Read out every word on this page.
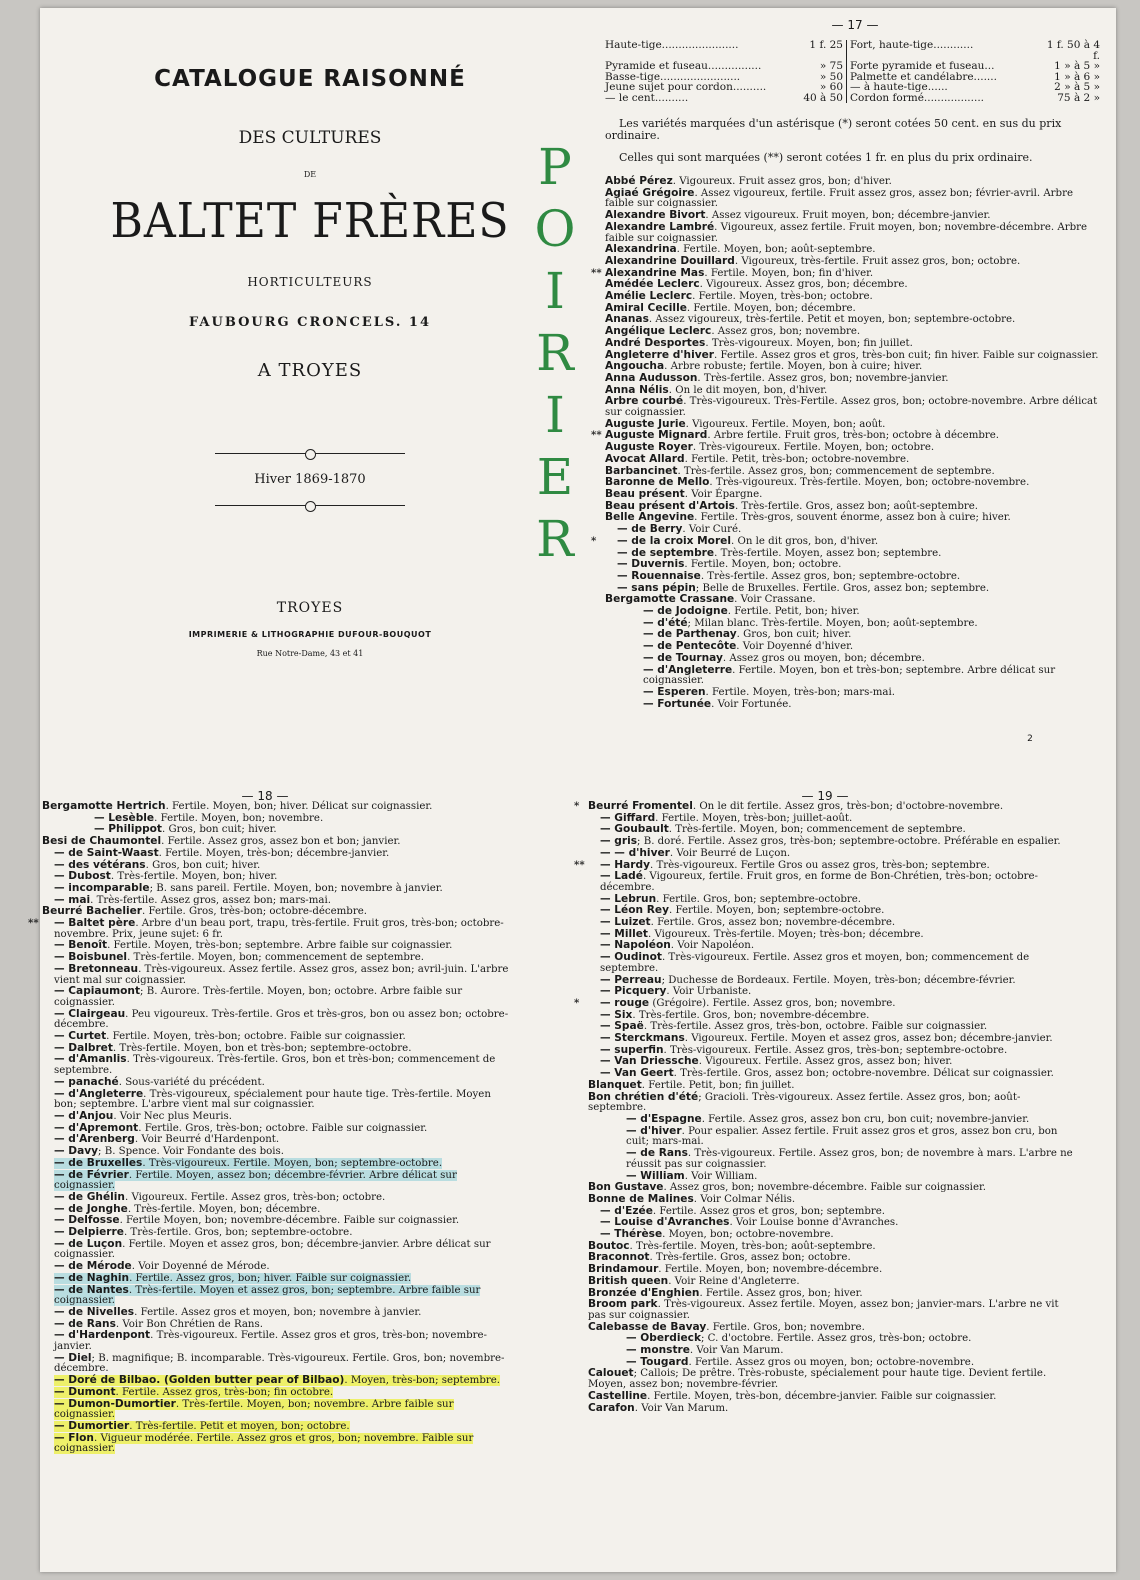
CATALOGUE RAISONNÉ
DES CULTURES
DE
BALTET FRÈRES
HORTICULTEURS
FAUBOURG CRONCELS. 14
A TROYES
Hiver 1869-1870
TROYES
IMPRIMERIE & LITHOGRAPHIE DUFOUR-BOUQUOT
Rue Notre-Dame, 43 et 41
P
O
I
R
I
E
R
— 17 —
Haute-tige.......................	1 f. 25 Fort, haute-tige............	1 f. 50 à 4 f.
Pyramide et fuseau................	» 75 Forte pyramide et fuseau...	1 » à 5 »
Basse-tige........................	» 50 Palmette et candélabre.......	1 » à 6 »
Jeune sujet pour cordon..........	» 60 — à haute-tige......	2 » à 5 »
— le cent..........	40 à 50 Cordon formé..................	75 à 2 »
Les variétés marquées d'un astérisque (*) seront cotées 50 cent. en sus du prix ordinaire.
Celles qui sont marquées (**) seront cotées 1 fr. en plus du prix ordinaire.
Abbé Pérez. Vigoureux. Fruit assez gros, bon; d'hiver.
Agiaé Grégoire. Assez vigoureux, fertile. Fruit assez gros, assez bon; février-avril. Arbre faible sur coignassier.
Alexandre Bivort. Assez vigoureux. Fruit moyen, bon; décembre-janvier.
Alexandre Lambré. Vigoureux, assez fertile. Fruit moyen, bon; novembre-décembre. Arbre faible sur coignassier.
Alexandrina. Fertile. Moyen, bon; août-septembre.
Alexandrine Douillard. Vigoureux, très-fertile. Fruit assez gros, bon; octobre.
** Alexandrine Mas. Fertile. Moyen, bon; fin d'hiver.
Amédée Leclerc. Vigoureux. Assez gros, bon; décembre.
Amélie Leclerc. Fertile. Moyen, très-bon; octobre.
Amiral Cecille. Fertile. Moyen, bon; décembre.
Ananas. Assez vigoureux, très-fertile. Petit et moyen, bon; septembre-octobre.
Angélique Leclerc. Assez gros, bon; novembre.
André Desportes. Très-vigoureux. Moyen, bon; fin juillet.
Angleterre d'hiver. Fertile. Assez gros et gros, très-bon cuit; fin hiver. Faible sur coignassier.
Angoucha. Arbre robuste; fertile. Moyen, bon à cuire; hiver.
Anna Audusson. Très-fertile. Assez gros, bon; novembre-janvier.
Anna Nélis. On le dit moyen, bon, d'hiver.
Arbre courbé. Très-vigoureux. Très-Fertile. Assez gros, bon; octobre-novembre. Arbre délicat sur coignassier.
Auguste Jurie. Vigoureux. Fertile. Moyen, bon; août.
** Auguste Mignard. Arbre fertile. Fruit gros, très-bon; octobre à décembre.
Auguste Royer. Très-vigoureux. Fertile. Moyen, bon; octobre.
Avocat Allard. Fertile. Petit, très-bon; octobre-novembre.
Barbancinet. Très-fertile. Assez gros, bon; commencement de septembre.
Baronne de Mello. Très-vigoureux. Très-fertile. Moyen, bon; octobre-novembre.
Beau présent. Voir Épargne.
Beau présent d'Artois. Très-fertile. Gros, assez bon; août-septembre.
Belle Angevine. Fertile. Très-gros, souvent énorme, assez bon à cuire; hiver.
— de Berry. Voir Curé.
* — de la croix Morel. On le dit gros, bon, d'hiver.
— de septembre. Très-fertile. Moyen, assez bon; septembre.
— Duvernis. Fertile. Moyen, bon; octobre.
— Rouennaise. Très-fertile. Assez gros, bon; septembre-octobre.
— sans pépin; Belle de Bruxelles. Fertile. Gros, assez bon; septembre.
Bergamotte Crassane. Voir Crassane.
— de Jodoigne. Fertile. Petit, bon; hiver.
— d'été; Milan blanc. Très-fertile. Moyen, bon; août-septembre.
— de Parthenay. Gros, bon cuit; hiver.
— de Pentecôte. Voir Doyenné d'hiver.
— de Tournay. Assez gros ou moyen, bon; décembre.
— d'Angleterre. Fertile. Moyen, bon et très-bon; septembre. Arbre délicat sur coignassier.
— Esperen. Fertile. Moyen, très-bon; mars-mai.
— Fortunée. Voir Fortunée.
2
— 18 —
Bergamotte Hertrich. Fertile. Moyen, bon; hiver. Délicat sur coignassier.
— Lesèble. Fertile. Moyen, bon; novembre.
— Philippot. Gros, bon cuit; hiver.
Besi de Chaumontel. Fertile. Assez gros, assez bon et bon; janvier.
— de Saint-Waast. Fertile. Moyen, très-bon; décembre-janvier.
— des vétérans. Gros, bon cuit; hiver.
— Dubost. Très-fertile. Moyen, bon; hiver.
— incomparable; B. sans pareil. Fertile. Moyen, bon; novembre à janvier.
— mai. Très-fertile. Assez gros, assez bon; mars-mai.
Beurré Bachelier. Fertile. Gros, très-bon; octobre-décembre.
** — Baltet père. Arbre d'un beau port, trapu, très-fertile. Fruit gros, très-bon; octobre-novembre. Prix, jeune sujet: 6 fr.
— Benoît. Fertile. Moyen, très-bon; septembre. Arbre faible sur coignassier.
— Boisbunel. Très-fertile. Moyen, bon; commencement de septembre.
— Bretonneau. Très-vigoureux. Assez fertile. Assez gros, assez bon; avril-juin. L'arbre vient mal sur coignassier.
— Capiaumont; B. Aurore. Très-fertile. Moyen, bon; octobre. Arbre faible sur coignassier.
— Clairgeau. Peu vigoureux. Très-fertile. Gros et très-gros, bon ou assez bon; octobre-décembre.
— Curtet. Fertile. Moyen, très-bon; octobre. Faible sur coignassier.
— Dalbret. Très-fertile. Moyen, bon et très-bon; septembre-octobre.
— d'Amanlis. Très-vigoureux. Très-fertile. Gros, bon et très-bon; commencement de septembre.
— panaché. Sous-variété du précédent.
— d'Angleterre. Très-vigoureux, spécialement pour haute tige. Très-fertile. Moyen bon; septembre. L'arbre vient mal sur coignassier.
— d'Anjou. Voir Nec plus Meuris.
— d'Apremont. Fertile. Gros, très-bon; octobre. Faible sur coignassier.
— d'Arenberg. Voir Beurré d'Hardenpont.
— Davy; B. Spence. Voir Fondante des bois.
— de Bruxelles. Très-vigoureux. Fertile. Moyen, bon; septembre-octobre.
— de Février. Fertile. Moyen, assez bon; décembre-février. Arbre délicat sur coignassier.
— de Ghélin. Vigoureux. Fertile. Assez gros, très-bon; octobre.
— de Jonghe. Très-fertile. Moyen, bon; décembre.
— Delfosse. Fertile Moyen, bon; novembre-décembre. Faible sur coignassier.
— Delpierre. Très-fertile. Gros, bon; septembre-octobre.
— de Luçon. Fertile. Moyen et assez gros, bon; décembre-janvier. Arbre délicat sur coignassier.
— de Mérode. Voir Doyenné de Mérode.
— de Naghin. Fertile. Assez gros, bon; hiver. Faible sur coignassier.
— de Nantes. Très-fertile. Moyen et assez gros, bon; septembre. Arbre faible sur coignassier.
— de Nivelles. Fertile. Assez gros et moyen, bon; novembre à janvier.
— de Rans. Voir Bon Chrétien de Rans.
— d'Hardenpont. Très-vigoureux. Fertile. Assez gros et gros, très-bon; novembre-janvier.
— Diel; B. magnifique; B. incomparable. Très-vigoureux. Fertile. Gros, bon; novembre-décembre.
— Doré de Bilbao. (Golden butter pear of Bilbao). Moyen, très-bon; septembre.
— Dumont. Fertile. Assez gros, très-bon; fin octobre.
— Dumon-Dumortier. Très-fertile. Moyen, bon; novembre. Arbre faible sur coignassier.
— Dumortier. Très-fertile. Petit et moyen, bon; octobre.
— Flon. Vigueur modérée. Fertile. Assez gros et gros, bon; novembre. Faible sur coignassier.
— 19 —
* Beurré Fromentel. On le dit fertile. Assez gros, très-bon; d'octobre-novembre.
— Giffard. Fertile. Moyen, très-bon; juillet-août.
— Goubault. Très-fertile. Moyen, bon; commencement de septembre.
— gris; B. doré. Fertile. Assez gros, très-bon; septembre-octobre. Préférable en espalier.
— — d'hiver. Voir Beurré de Luçon.
** — Hardy. Très-vigoureux. Fertile Gros ou assez gros, très-bon; septembre.
— Ladé. Vigoureux, fertile. Fruit gros, en forme de Bon-Chrétien, très-bon; octobre-décembre.
— Lebrun. Fertile. Gros, bon; septembre-octobre.
— Léon Rey. Fertile. Moyen, bon; septembre-octobre.
— Luizet. Fertile. Gros, assez bon; novembre-décembre.
— Millet. Vigoureux. Très-fertile. Moyen; très-bon; décembre.
— Napoléon. Voir Napoléon.
— Oudinot. Très-vigoureux. Fertile. Assez gros et moyen, bon; commencement de septembre.
— Perreau; Duchesse de Bordeaux. Fertile. Moyen, très-bon; décembre-février.
— Picquery. Voir Urbaniste.
* — rouge (Grégoire). Fertile. Assez gros, bon; novembre.
— Six. Très-fertile. Gros, bon; novembre-décembre.
— Spaë. Très-fertile. Assez gros, très-bon, octobre. Faible sur coignassier.
— Sterckmans. Vigoureux. Fertile. Moyen et assez gros, assez bon; décembre-janvier.
— superfin. Très-vigoureux. Fertile. Assez gros, très-bon; septembre-octobre.
— Van Driessche. Vigoureux. Fertile. Assez gros, assez bon; hiver.
— Van Geert. Très-fertile. Gros, assez bon; octobre-novembre. Délicat sur coignassier.
Blanquet. Fertile. Petit, bon; fin juillet.
Bon chrétien d'été; Gracioli. Très-vigoureux. Assez fertile. Assez gros, bon; août-septembre.
— d'Espagne. Fertile. Assez gros, assez bon cru, bon cuit; novembre-janvier.
— d'hiver. Pour espalier. Assez fertile. Fruit assez gros et gros, assez bon cru, bon cuit; mars-mai.
— de Rans. Très-vigoureux. Fertile. Assez gros, bon; de novembre à mars. L'arbre ne réussit pas sur coignassier.
— William. Voir William.
Bon Gustave. Assez gros, bon; novembre-décembre. Faible sur coignassier.
Bonne de Malines. Voir Colmar Nélis.
— d'Ezée. Fertile. Assez gros et gros, bon; septembre.
— Louise d'Avranches. Voir Louise bonne d'Avranches.
— Thérèse. Moyen, bon; octobre-novembre.
Boutoc. Très-fertile. Moyen, très-bon; août-septembre.
Braconnot. Très-fertile. Gros, assez bon; octobre.
Brindamour. Fertile. Moyen, bon; novembre-décembre.
British queen. Voir Reine d'Angleterre.
Bronzée d'Enghien. Fertile. Assez gros, bon; hiver.
Broom park. Très-vigoureux. Assez fertile. Moyen, assez bon; janvier-mars. L'arbre ne vit pas sur coignassier.
Calebasse de Bavay. Fertile. Gros, bon; novembre.
— Oberdieck; C. d'octobre. Fertile. Assez gros, très-bon; octobre.
— monstre. Voir Van Marum.
— Tougard. Fertile. Assez gros ou moyen, bon; octobre-novembre.
Calouet; Callois; De prêtre. Très-robuste, spécialement pour haute tige. Devient fertile. Moyen, assez bon; novembre-février.
Castelline. Fertile. Moyen, très-bon, décembre-janvier. Faible sur coignassier.
Carafon. Voir Van Marum.
